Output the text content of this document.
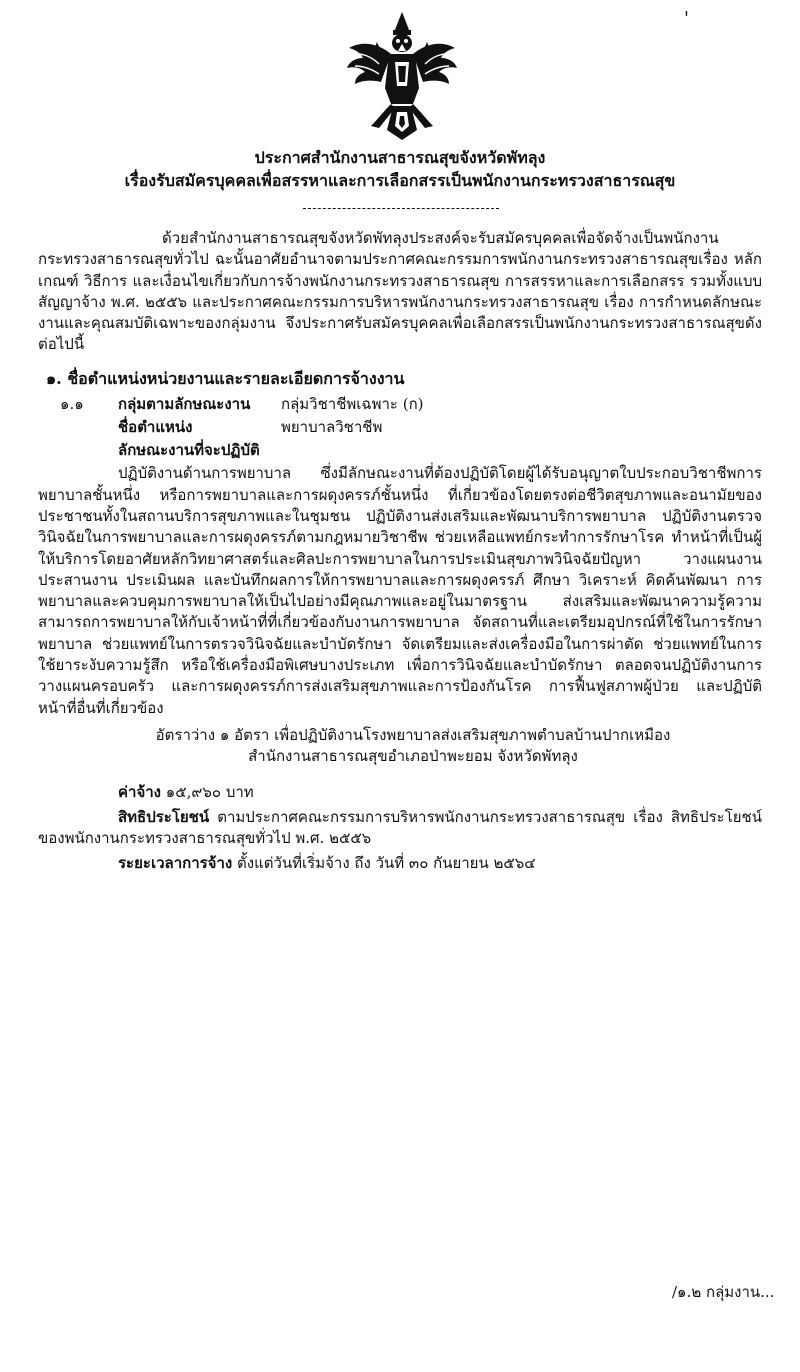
'
ประกาศสำนักงานสาธารณสุขจังหวัดพัทลุง
เรื่องรับสมัครบุคคลเพื่อสรรหาและการเลือกสรรเป็นพนักงานกระทรวงสาธารณสุข

ด้วยสำนักงานสาธารณสุขจังหวัดพัทลุงประสงค์จะรับสมัครบุคคลเพื่อจัดจ้างเป็นพนักงานกระทรวงสาธารณสุขทั่วไป ฉะนั้นอาศัยอำนาจตามประกาศคณะกรรมการพนักงานกระทรวงสาธารณสุขเรื่อง หลักเกณฑ์ วิธีการ และเงื่อนไขเกี่ยวกับการจ้างพนักงานกระทรวงสาธารณสุข การสรรหาและการเลือกสรร รวมทั้งแบบสัญญาจ้าง พ.ศ. ๒๕๕๖ และประกาศคณะกรรมการบริหารพนักงานกระทรวงสาธารณสุข เรื่อง การกำหนดลักษณะงานและคุณสมบัติเฉพาะของกลุ่มงาน จึงประกาศรับสมัครบุคคลเพื่อเลือกสรรเป็นพนักงานกระทรวงสาธารณสุขดังต่อไปนี้

๑. ชื่อตำแหน่งหน่วยงานและรายละเอียดการจ้างงาน
๑.๑	กลุ่มตามลักษณะงาน	กลุ่มวิชาชีพเฉพาะ (ก)
ชื่อตำแหน่ง	พยาบาลวิชาชีพ
ลักษณะงานที่จะปฏิบัติ

ปฏิบัติงานด้านการพยาบาล ซึ่งมีลักษณะงานที่ต้องปฏิบัติโดยผู้ได้รับอนุญาตใบประกอบวิชาชีพการพยาบาลชั้นหนึ่ง หรือการพยาบาลและการผดุงครรภ์ชั้นหนึ่ง ที่เกี่ยวข้องโดยตรงต่อชีวิตสุขภาพและอนามัยของประชาชนทั้งในสถานบริการสุขภาพและในชุมชน ปฏิบัติงานส่งเสริมและพัฒนาบริการพยาบาล ปฏิบัติงานตรวจวินิจฉัยในการพยาบาลและการผดุงครรภ์ตามกฎหมายวิชาชีพ ช่วยเหลือแพทย์กระทำการรักษาโรค ทำหน้าที่เป็นผู้ให้บริการโดยอาศัยหลักวิทยาศาสตร์และศิลปะการพยาบาลในการประเมินสุขภาพวินิจฉัยปัญหา วางแผนงาน ประสานงาน ประเมินผล และบันทึกผลการให้การพยาบาลและการผดุงครรภ์ ศึกษา วิเคราะห์ คิดค้นพัฒนา การพยาบาลและควบคุมการพยาบาลให้เป็นไปอย่างมีคุณภาพและอยู่ในมาตรฐาน ส่งเสริมและพัฒนาความรู้ความสามารถการพยาบาลให้กับเจ้าหน้าที่ที่เกี่ยวข้องกับงานการพยาบาล จัดสถานที่และเตรียมอุปกรณ์ที่ใช้ในการรักษาพยาบาล ช่วยแพทย์ในการตรวจวินิจฉัยและบำบัดรักษา จัดเตรียมและส่งเครื่องมือในการผ่าตัด ช่วยแพทย์ในการใช้ยาระงับความรู้สึก หรือใช้เครื่องมือพิเศษบางประเภท เพื่อการวินิจฉัยและบำบัดรักษา ตลอดจนปฏิบัติงานการวางแผนครอบครัว และการผดุงครรภ์การส่งเสริมสุขภาพและการป้องกันโรค การฟื้นฟูสภาพผู้ป่วย และปฏิบัติหน้าที่อื่นที่เกี่ยวข้อง

อัตราว่าง ๑ อัตรา เพื่อปฏิบัติงานโรงพยาบาลส่งเสริมสุขภาพตำบลบ้านปากเหมือง
สำนักงานสาธารณสุขอำเภอป่าพะยอม จังหวัดพัทลุง

ค่าจ้าง ๑๕,๙๖๐ บาท

สิทธิประโยชน์ ตามประกาศคณะกรรมการบริหารพนักงานกระทรวงสาธารณสุข เรื่อง สิทธิประโยชน์ของพนักงานกระทรวงสาธารณสุขทั่วไป พ.ศ. ๒๕๕๖

ระยะเวลาการจ้าง ตั้งแต่วันที่เริ่มจ้าง ถึง วันที่ ๓๐ กันยายน ๒๕๖๔

/๑.๒ กลุ่มงาน...
